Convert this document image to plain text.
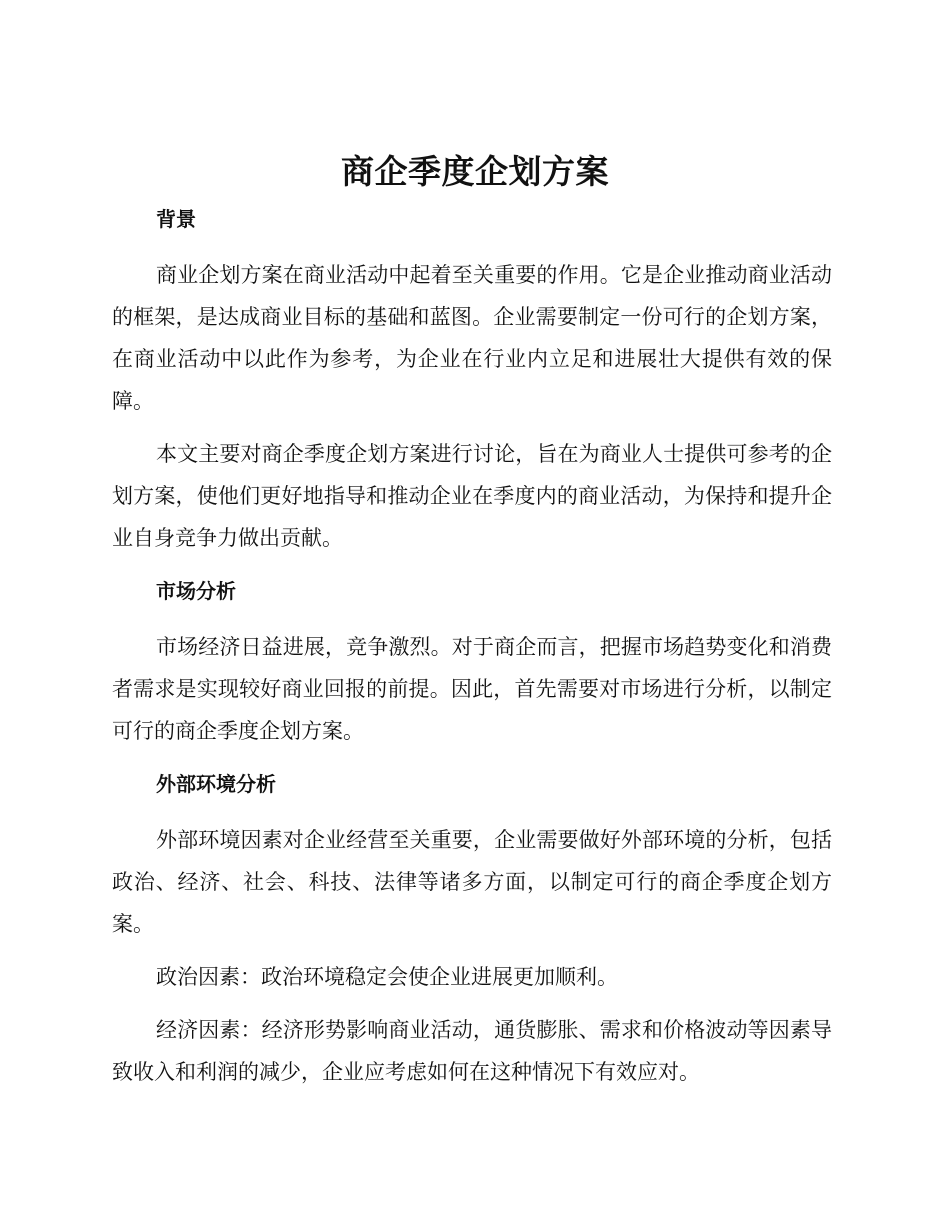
商企季度企划方案

背景

商业企划方案在商业活动中起着至关重要的作用。它是企业推动商业活动的框架，是达成商业目标的基础和蓝图。企业需要制定一份可行的企划方案，在商业活动中以此作为参考，为企业在行业内立足和进展壮大提供有效的保障。

本文主要对商企季度企划方案进行讨论，旨在为商业人士提供可参考的企划方案，使他们更好地指导和推动企业在季度内的商业活动，为保持和提升企业自身竞争力做出贡献。

市场分析

市场经济日益进展，竞争激烈。对于商企而言，把握市场趋势变化和消费者需求是实现较好商业回报的前提。因此，首先需要对市场进行分析，以制定可行的商企季度企划方案。

外部环境分析

外部环境因素对企业经营至关重要，企业需要做好外部环境的分析，包括政治、经济、社会、科技、法律等诸多方面，以制定可行的商企季度企划方案。

政治因素：政治环境稳定会使企业进展更加顺利。

经济因素：经济形势影响商业活动，通货膨胀、需求和价格波动等因素导致收入和利润的减少，企业应考虑如何在这种情况下有效应对。
